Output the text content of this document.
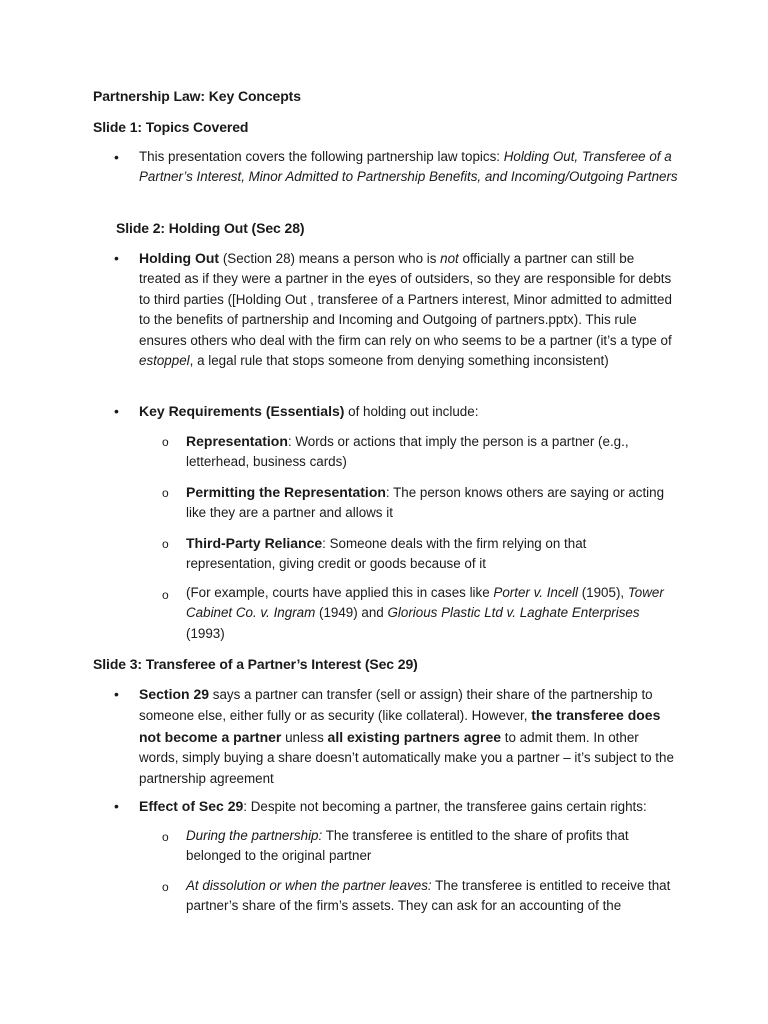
Partnership Law: Key Concepts
Slide 1: Topics Covered
• This presentation covers the following partnership law topics: Holding Out, Transferee of a Partner’s Interest, Minor Admitted to Partnership Benefits, and Incoming/Outgoing Partners
Slide 2: Holding Out (Sec 28)
• Holding Out (Section 28) means a person who is not officially a partner can still be treated as if they were a partner in the eyes of outsiders, so they are responsible for debts to third parties ([Holding Out , transferee of a Partners interest, Minor admitted to admitted to the benefits of partnership and Incoming and Outgoing of partners.pptx). This rule ensures others who deal with the firm can rely on who seems to be a partner (it’s a type of estoppel, a legal rule that stops someone from denying something inconsistent)
• Key Requirements (Essentials) of holding out include:
o Representation: Words or actions that imply the person is a partner (e.g., letterhead, business cards)
o Permitting the Representation: The person knows others are saying or acting like they are a partner and allows it
o Third-Party Reliance: Someone deals with the firm relying on that representation, giving credit or goods because of it
o (For example, courts have applied this in cases like Porter v. Incell (1905), Tower Cabinet Co. v. Ingram (1949) and Glorious Plastic Ltd v. Laghate Enterprises (1993)
Slide 3: Transferee of a Partner’s Interest (Sec 29)
• Section 29 says a partner can transfer (sell or assign) their share of the partnership to someone else, either fully or as security (like collateral). However, the transferee does not become a partner unless all existing partners agree to admit them. In other words, simply buying a share doesn’t automatically make you a partner – it’s subject to the partnership agreement
• Effect of Sec 29: Despite not becoming a partner, the transferee gains certain rights:
o During the partnership: The transferee is entitled to the share of profits that belonged to the original partner
o At dissolution or when the partner leaves: The transferee is entitled to receive that partner’s share of the firm’s assets. They can ask for an accounting of the
